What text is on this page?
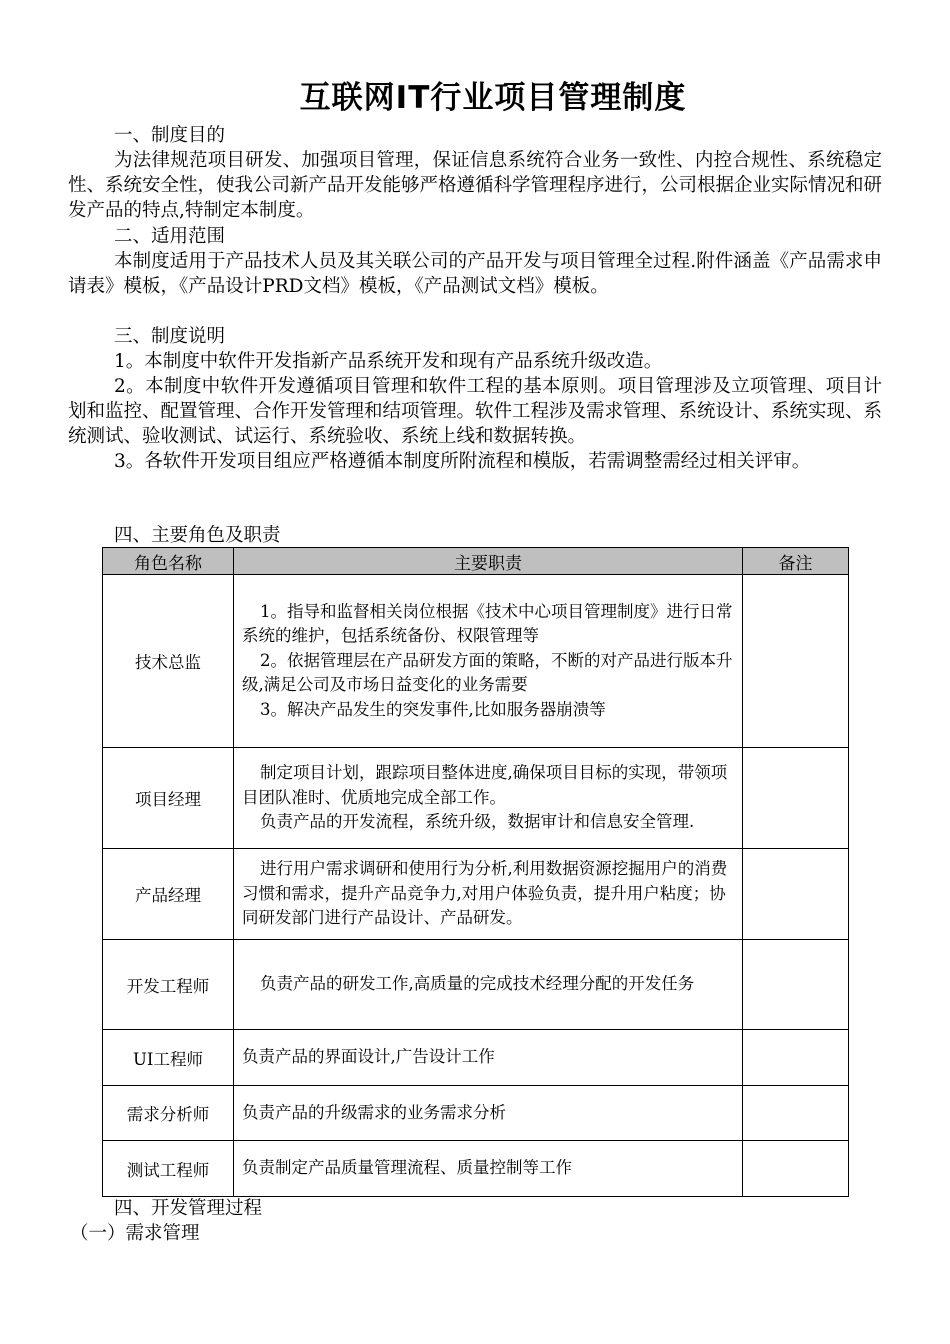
互联网IT行业项目管理制度
一、制度目的

为法律规范项目研发、加强项目管理，保证信息系统符合业务一致性、内控合规性、系统稳定性、系统安全性，使我公司新产品开发能够严格遵循科学管理程序进行，公司根据企业实际情况和研发产品的特点,特制定本制度。

二、适用范围

本制度适用于产品技术人员及其关联公司的产品开发与项目管理全过程.附件涵盖《产品需求申请表》模板，《产品设计PRD文档》模板，《产品测试文档》模板。

三、制度说明

1。本制度中软件开发指新产品系统开发和现有产品系统升级改造。

2。本制度中软件开发遵循项目管理和软件工程的基本原则。项目管理涉及立项管理、项目计划和监控、配置管理、合作开发管理和结项管理。软件工程涉及需求管理、系统设计、系统实现、系统测试、验收测试、试运行、系统验收、系统上线和数据转换。

3。各软件开发项目组应严格遵循本制度所附流程和模版，若需调整需经过相关评审。

四、主要角色及职责
角色名称	主要职责	备注
技术总监	1。指导和监督相关岗位根据《技术中心项目管理制度》进行日常系统的维护，包括系统备份、权限管理等

2。依据管理层在产品研发方面的策略，不断的对产品进行版本升级,满足公司及市场日益变化的业务需要

3。解决产品发生的突发事件,比如服务器崩溃等	

项目经理	制定项目计划，跟踪项目整体进度,确保项目目标的实现，带领项目团队准时、优质地完成全部工作。

负责产品的开发流程，系统升级，数据审计和信息安全管理.	

产品经理	进行用户需求调研和使用行为分析,利用数据资源挖掘用户的消费习惯和需求，提升产品竞争力,对用户体验负责，提升用户粘度；协同研发部门进行产品设计、产品研发。	

开发工程师	负责产品的研发工作,高质量的完成技术经理分配的开发任务	

UI工程师	负责产品的界面设计,广告设计工作	

需求分析师	负责产品的升级需求的业务需求分析	

测试工程师	负责制定产品质量管理流程、质量控制等工作	

四、开发管理过程
（一）需求管理
